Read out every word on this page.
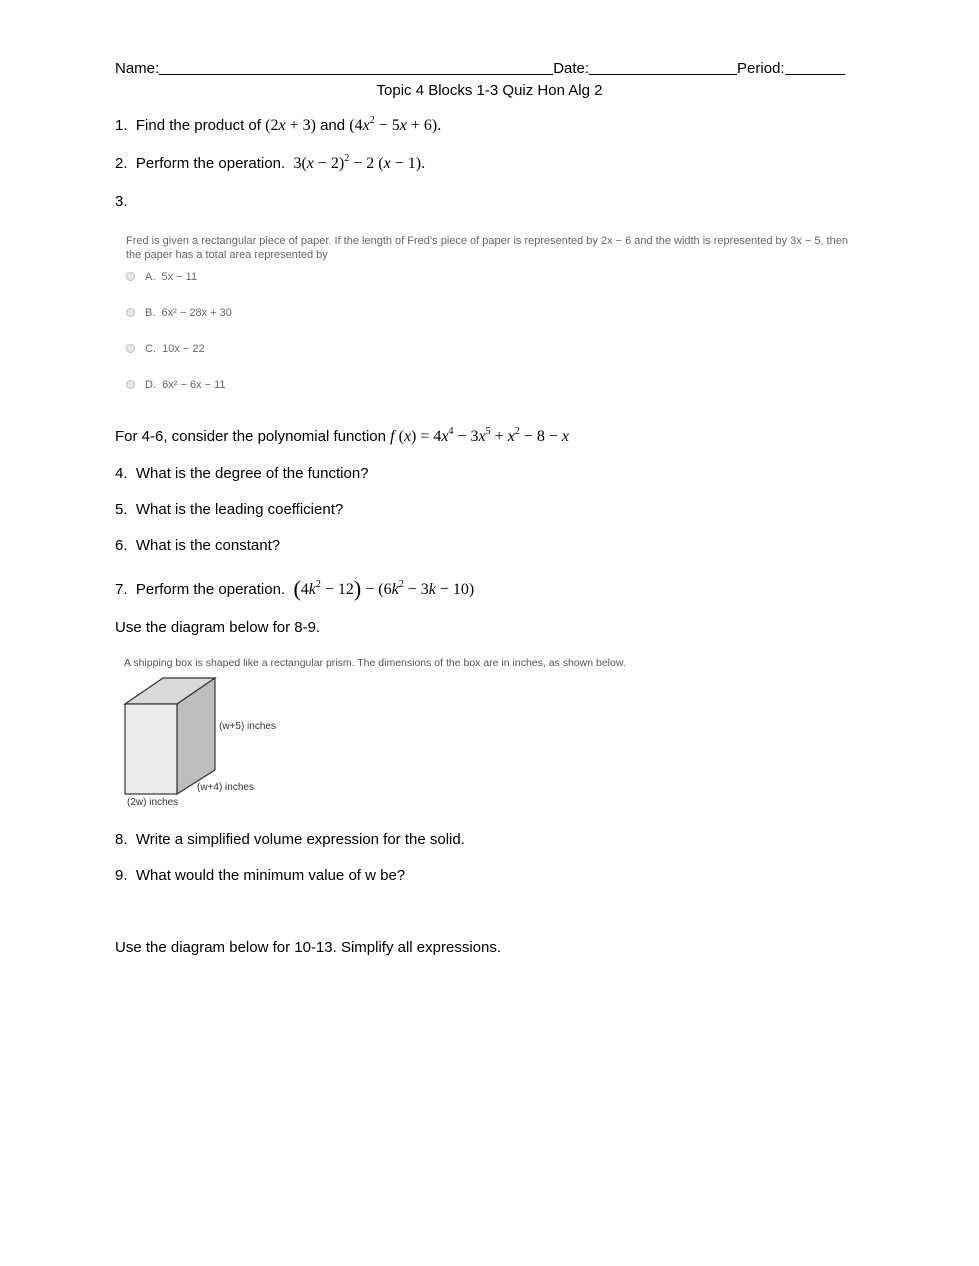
Name:	Date:	Period:
Topic 4 Blocks 1-3 Quiz Hon Alg 2
1. Find the product of (2x + 3) and $(4x^2 - 5x + 6)$.
2. Perform the operation. $3(x - 2)^2 - 2$ (x − 1).
3.
Fred is given a rectangular piece of paper. If the length of Fred’s piece of paper is represented by 2x − 6 and the width is represented by 3x − 5, then the paper has a total area represented by
A. 5x − 11
B. 6x² − 28x + 30
C. 10x − 22
D. 6x² − 6x − 11
For 4-6, consider the polynomial function f $(x) = 4x^4 - 3x^5 + x^2 - 8 - x$
4. What is the degree of the function?
5. What is the leading coefficient?
6. What is the constant?
7. Perform the operation. $(4k^2 - 12) - (6k^2 - 3k - 10)$
Use the diagram below for 8-9.
A shipping box is shaped like a rectangular prism. The dimensions of the box are in inches, as shown below.
(w+5) inches
(w+4) inches
(2w) inches
8. Write a simplified volume expression for the solid.
9. What would the minimum value of w be?
Use the diagram below for 10-13. Simplify all expressions.
